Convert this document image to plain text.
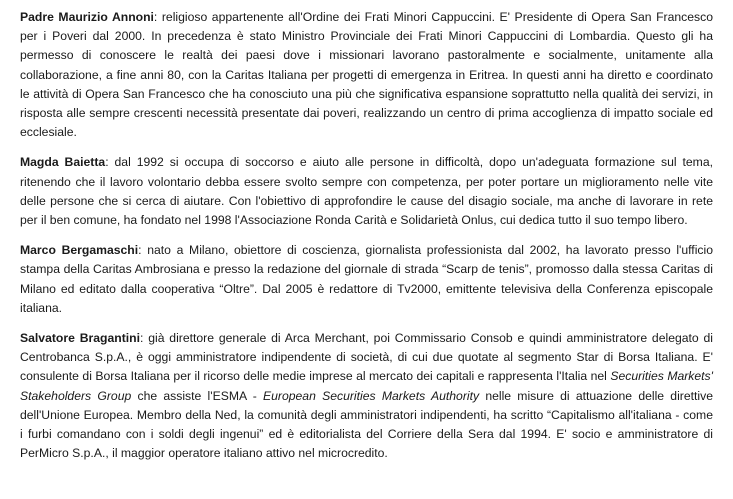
Padre Maurizio Annoni: religioso appartenente all'Ordine dei Frati Minori Cappuccini. E' Presidente di Opera San Francesco per i Poveri dal 2000. In precedenza è stato Ministro Provinciale dei Frati Minori Cappuccini di Lombardia. Questo gli ha permesso di conoscere le realtà dei paesi dove i missionari lavorano pastoralmente e socialmente, unitamente alla collaborazione, a fine anni 80, con la Caritas Italiana per progetti di emergenza in Eritrea. In questi anni ha diretto e coordinato le attività di Opera San Francesco che ha conosciuto una più che significativa espansione soprattutto nella qualità dei servizi, in risposta alle sempre crescenti necessità presentate dai poveri, realizzando un centro di prima accoglienza di impatto sociale ed ecclesiale.

Magda Baietta: dal 1992 si occupa di soccorso e aiuto alle persone in difficoltà, dopo un'adeguata formazione sul tema, ritenendo che il lavoro volontario debba essere svolto sempre con competenza, per poter portare un miglioramento nelle vite delle persone che si cerca di aiutare. Con l'obiettivo di approfondire le cause del disagio sociale, ma anche di lavorare in rete per il ben comune, ha fondato nel 1998 l'Associazione Ronda Carità e Solidarietà Onlus, cui dedica tutto il suo tempo libero.

Marco Bergamaschi: nato a Milano, obiettore di coscienza, giornalista professionista dal 2002, ha lavorato presso l'ufficio stampa della Caritas Ambrosiana e presso la redazione del giornale di strada “Scarp de tenis”, promosso dalla stessa Caritas di Milano ed editato dalla cooperativa “Oltre”. Dal 2005 è redattore di Tv2000, emittente televisiva della Conferenza episcopale italiana.

Salvatore Bragantini: già direttore generale di Arca Merchant, poi Commissario Consob e quindi amministratore delegato di Centrobanca S.p.A., è oggi amministratore indipendente di società, di cui due quotate al segmento Star di Borsa Italiana. E' consulente di Borsa Italiana per il ricorso delle medie imprese al mercato dei capitali e rappresenta l'Italia nel Securities Markets' Stakeholders Group che assiste l'ESMA - European Securities Markets Authority nelle misure di attuazione delle direttive dell'Unione Europea. Membro della Ned, la comunità degli amministratori indipendenti, ha scritto “Capitalismo all'italiana - come i furbi comandano con i soldi degli ingenui” ed è editorialista del Corriere della Sera dal 1994. E' socio e amministratore di PerMicro S.p.A., il maggior operatore italiano attivo nel microcredito.
